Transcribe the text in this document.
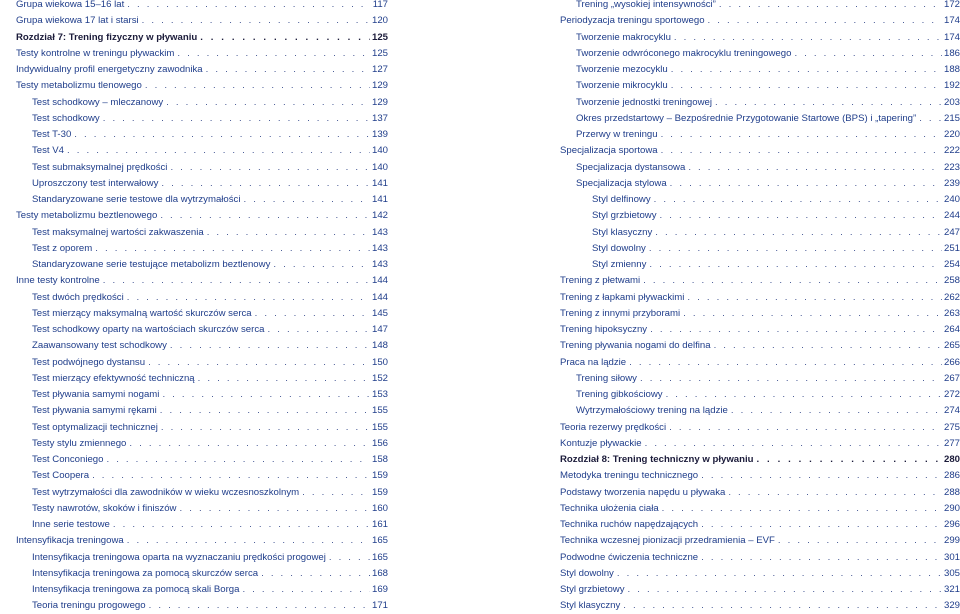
Grupa wiekowa 15–16 lat . . .	117
Grupa wiekowa 17 lat i starsi . . .	120
Rozdział 7: Trening fizyczny w pływaniu . . .	125
Testy kontrolne w treningu pływackim . . .	125
Indywidualny profil energetyczny zawodnika . . .	127
Testy metabolizmu tlenowego . . .	129
Test schodkowy – mleczanowy . . .	129
Test schodkowy . . .	137
Test T-30 . . .	139
Test V4 . . .	140
Test submaksymalnej prędkości . . .	140
Uproszczony test interwałowy . . .	141
Standaryzowane serie testowe dla wytrzymałości . . .	141
Testy metabolizmu beztlenowego . . .	142
Test maksymalnej wartości zakwaszenia . . .	143
Test z oporem . . .	143
Standaryzowane serie testujące metabolizm beztlenowy . . .	143
Inne testy kontrolne . . .	144
Test dwóch prędkości . . .	144
Test mierzący maksymalną wartość skurczów serca . . .	145
Test schodkowy oparty na wartościach skurczów serca . . .	147
Zaawansowany test schodkowy . . .	148
Test podwójnego dystansu . . .	150
Test mierzący efektywność techniczną . . .	152
Test pływania samymi nogami . . .	153
Test pływania samymi rękami . . .	155
Test optymalizacji technicznej . . .	155
Testy stylu zmiennego . . .	156
Test Conconiego . . .	158
Test Coopera . . .	159
Test wytrzymałości dla zawodników w wieku wczesnoszkolnym . . .	159
Testy nawrotów, skoków i finiszów . . .	160
Inne serie testowe . . .	161
Intensyfikacja treningowa . . .	165
Intensyfikacja treningowa oparta na wyznaczaniu prędkości progowej . . .	165
Intensyfikacja treningowa za pomocą skurczów serca . . .	168
Intensyfikacja treningowa za pomocą skali Borga . . .	169
Teoria treningu progowego . . .	171
Trening „wysokiej intensywności” . . .	172
Periodyzacja treningu sportowego . . .	174
Tworzenie makrocyklu . . .	174
Tworzenie odwróconego makrocyklu treningowego . . .	186
Tworzenie mezocyklu . . .	188
Tworzenie mikrocyklu . . .	192
Tworzenie jednostki treningowej . . .	203
Okres przedstartowy – Bezpośrednie Przygotowanie Startowe (BPS) i „tapering” . . .	215
Przerwy w treningu . . .	220
Specjalizacja sportowa . . .	222
Specjalizacja dystansowa . . .	223
Specjalizacja stylowa . . .	239
Styl delfinowy . . .	240
Styl grzbietowy . . .	244
Styl klasyczny . . .	247
Styl dowolny . . .	251
Styl zmienny . . .	254
Trening z płetwami . . .	258
Trening z łapkami pływackimi . . .	262
Trening z innymi przyborami . . .	263
Trening hipoksyczny . . .	264
Trening pływania nogami do delfina . . .	265
Praca na lądzie . . .	266
Trening siłowy . . .	267
Trening gibkościowy . . .	272
Wytrzymałościowy trening na lądzie . . .	274
Teoria rezerwy prędkości . . .	275
Kontuzje pływackie . . .	277
Rozdział 8: Trening techniczny w pływaniu . . .	280
Metodyka treningu technicznego . . .	286
Podstawy tworzenia napędu u pływaka . . .	288
Technika ułożenia ciała . . .	290
Technika ruchów napędzających . . .	296
Technika wczesnej pionizacji przedramienia – EVF . . .	299
Podwodne ćwiczenia techniczne . . .	301
Styl dowolny . . .	305
Styl grzbietowy . . .	321
Styl klasyczny . . .	329
